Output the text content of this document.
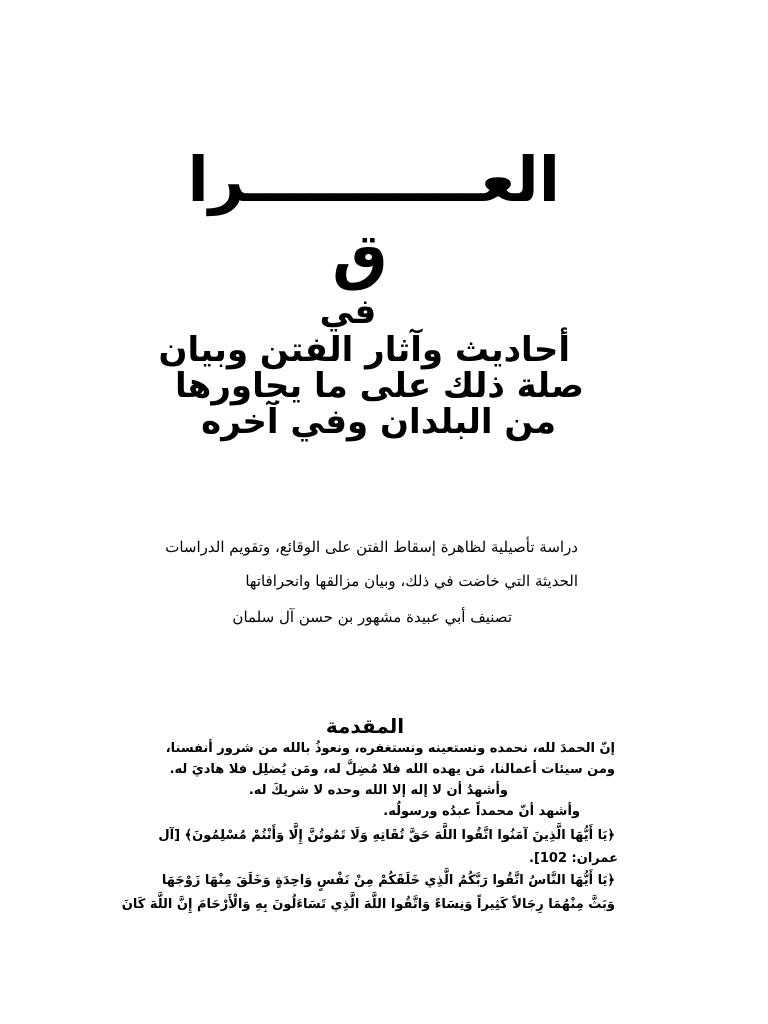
العـــــــــــرا
ق
في
أحاديث وآثار الفتن وبيان
صلة ذلك على ما يجاورها
من البلدان وفي آخره
دراسة تأصيلية لظاهرة إسقاط الفتن على الوقائع، وتقويم الدراسات
الحديثة التي خاضت في ذلك، وبيان مزالقها وانحرافاتها
تصنيف أبي عبيدة مشهور بن حسن آل سلمان
المقدمة
إنّ الحمدَ لله، نحمده ونستعينه ونستغفره، ونعوذُ بالله من شرور أنفسنا،
ومن سيئات أعمالنا، مَن يهده الله فلا مُضِلَّ له، ومَن يُضلِل فلا هاديَ له.
وأشهدُ أن لا إله إلا الله وحده لا شريكَ له.
وأشهد أنّ محمداً عبدُه ورسولُه.
﴿يَا أَيُّهَا الَّذِينَ آمَنُوا اتَّقُوا اللَّهَ حَقَّ تُقَاتِهِ وَلَا تَمُوتُنَّ إِلَّا وَأَنْتُمْ مُسْلِمُونَ﴾ [آل
عمران: 102].
﴿يَا أَيُّهَا النَّاسُ اتَّقُوا رَبَّكُمُ الَّذِي خَلَقَكُمْ مِنْ نَفْسٍ وَاحِدَةٍ وَخَلَقَ مِنْهَا زَوْجَهَا
وَبَثَّ مِنْهُمَا رِجَالاً كَثِيراً وَنِسَاءً وَاتَّقُوا اللَّهَ الَّذِي تَسَاءَلُونَ بِهِ وَالْأَرْحَامَ إِنَّ اللَّهَ كَانَ
